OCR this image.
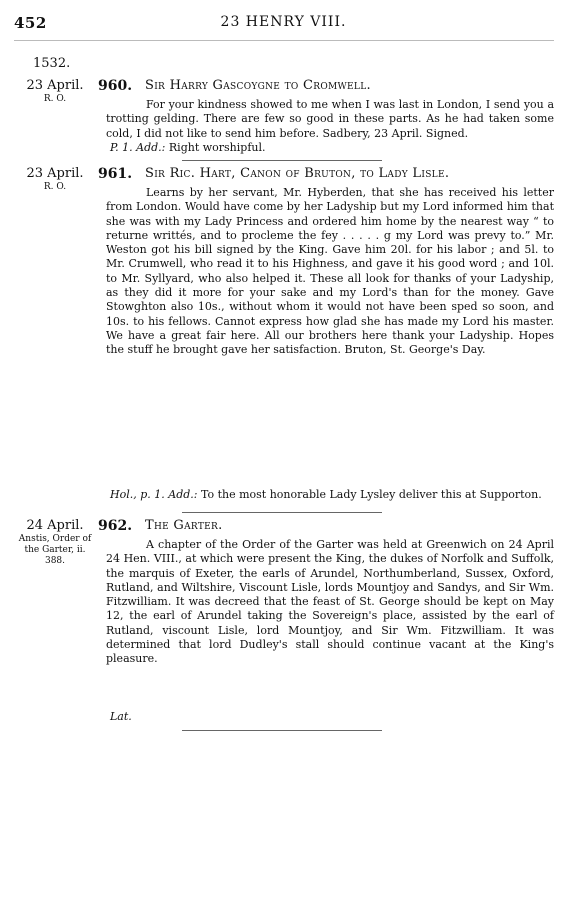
452	23 HENRY VIII.
1532.
23 April.
R. O.
960. Sir Harry Gascoygne to Cromwell.

For your kindness showed to me when I was last in London, I send you a trotting gelding. There are few so good in these parts. As he had taken some cold, I did not like to send him before. Sadbery, 23 April. Signed.

P. 1. Add.: Right worshipful.

23 April.
R. O.
961. Sir Ric. Hart, Canon of Bruton, to Lady Lisle.

Learns by her servant, Mr. Hyberden, that she has received his letter from London. Would have come by her Ladyship but my Lord informed him that she was with my Lady Princess and ordered him home by the nearest way “ to returne writtés, and to procleme the fey . . . . . g my Lord was prevy to.” Mr. Weston got his bill signed by the King. Gave him 20l. for his labor ; and 5l. to Mr. Crumwell, who read it to his Highness, and gave it his good word ; and 10l. to Mr. Syllyard, who also helped it. These all look for thanks of your Ladyship, as they did it more for your sake and my Lord's than for the money. Gave Stowghton also 10s., without whom it would not have been sped so soon, and 10s. to his fellows. Cannot express how glad she has made my Lord his master. We have a great fair here. All our brothers here thank your Ladyship. Hopes the stuff he brought gave her satisfaction. Bruton, St. George's Day.

Hol., p. 1. Add.: To the most honorable Lady Lysley deliver this at Supporton.

24 April.
Anstis, Order of the Garter, ii. 388.
962. The Garter.

A chapter of the Order of the Garter was held at Greenwich on 24 April 24 Hen. VIII., at which were present the King, the dukes of Norfolk and Suffolk, the marquis of Exeter, the earls of Arundel, Northumberland, Sussex, Oxford, Rutland, and Wiltshire, Viscount Lisle, lords Mountjoy and Sandys, and Sir Wm. Fitzwilliam. It was decreed that the feast of St. George should be kept on May 12, the earl of Arundel taking the Sovereign's place, assisted by the earl of Rutland, viscount Lisle, lord Mountjoy, and Sir Wm. Fitzwilliam. It was determined that lord Dudley's stall should continue vacant at the King's pleasure.

Lat.
